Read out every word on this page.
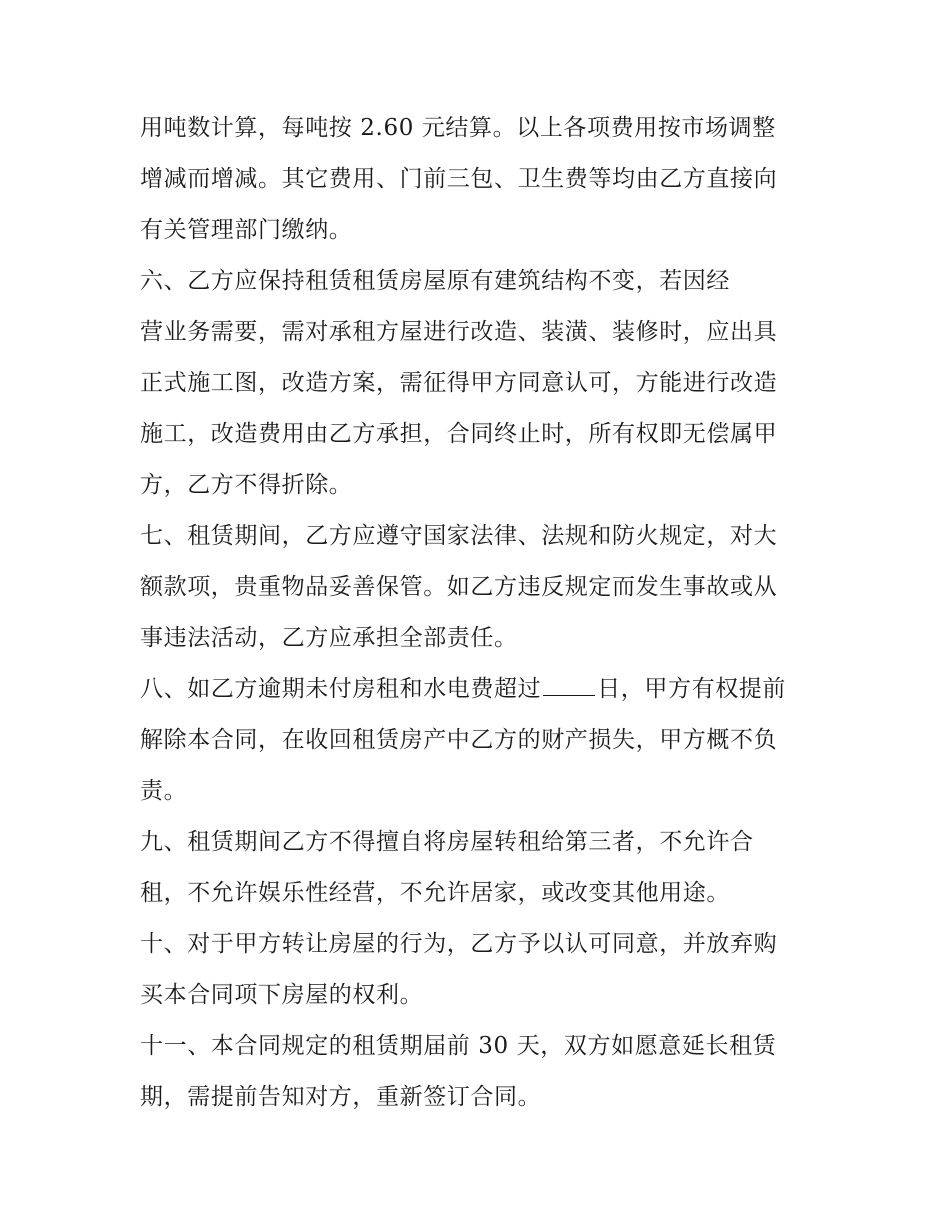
用吨数计算，每吨按 2.60 元结算。以上各项费用按市场调整

增减而增减。其它费用、门前三包、卫生费等均由乙方直接向

有关管理部门缴纳。

六、乙方应保持租赁租赁房屋原有建筑结构不变，若因经

营业务需要，需对承租方屋进行改造、装潢、装修时，应出具

正式施工图，改造方案，需征得甲方同意认可，方能进行改造

施工，改造费用由乙方承担，合同终止时，所有权即无偿属甲

方，乙方不得折除。

七、租赁期间，乙方应遵守国家法律、法规和防火规定，对大

额款项，贵重物品妥善保管。如乙方违反规定而发生事故或从

事违法活动，乙方应承担全部责任。

八、如乙方逾期未付房租和水电费超过 日，甲方有权提前

解除本合同，在收回租赁房产中乙方的财产损失，甲方概不负

责。

九、租赁期间乙方不得擅自将房屋转租给第三者，不允许合

租，不允许娱乐性经营，不允许居家，或改变其他用途。

十、对于甲方转让房屋的行为，乙方予以认可同意，并放弃购

买本合同项下房屋的权利。

十一、本合同规定的租赁期届前 30 天，双方如愿意延长租赁

期，需提前告知对方，重新签订合同。
